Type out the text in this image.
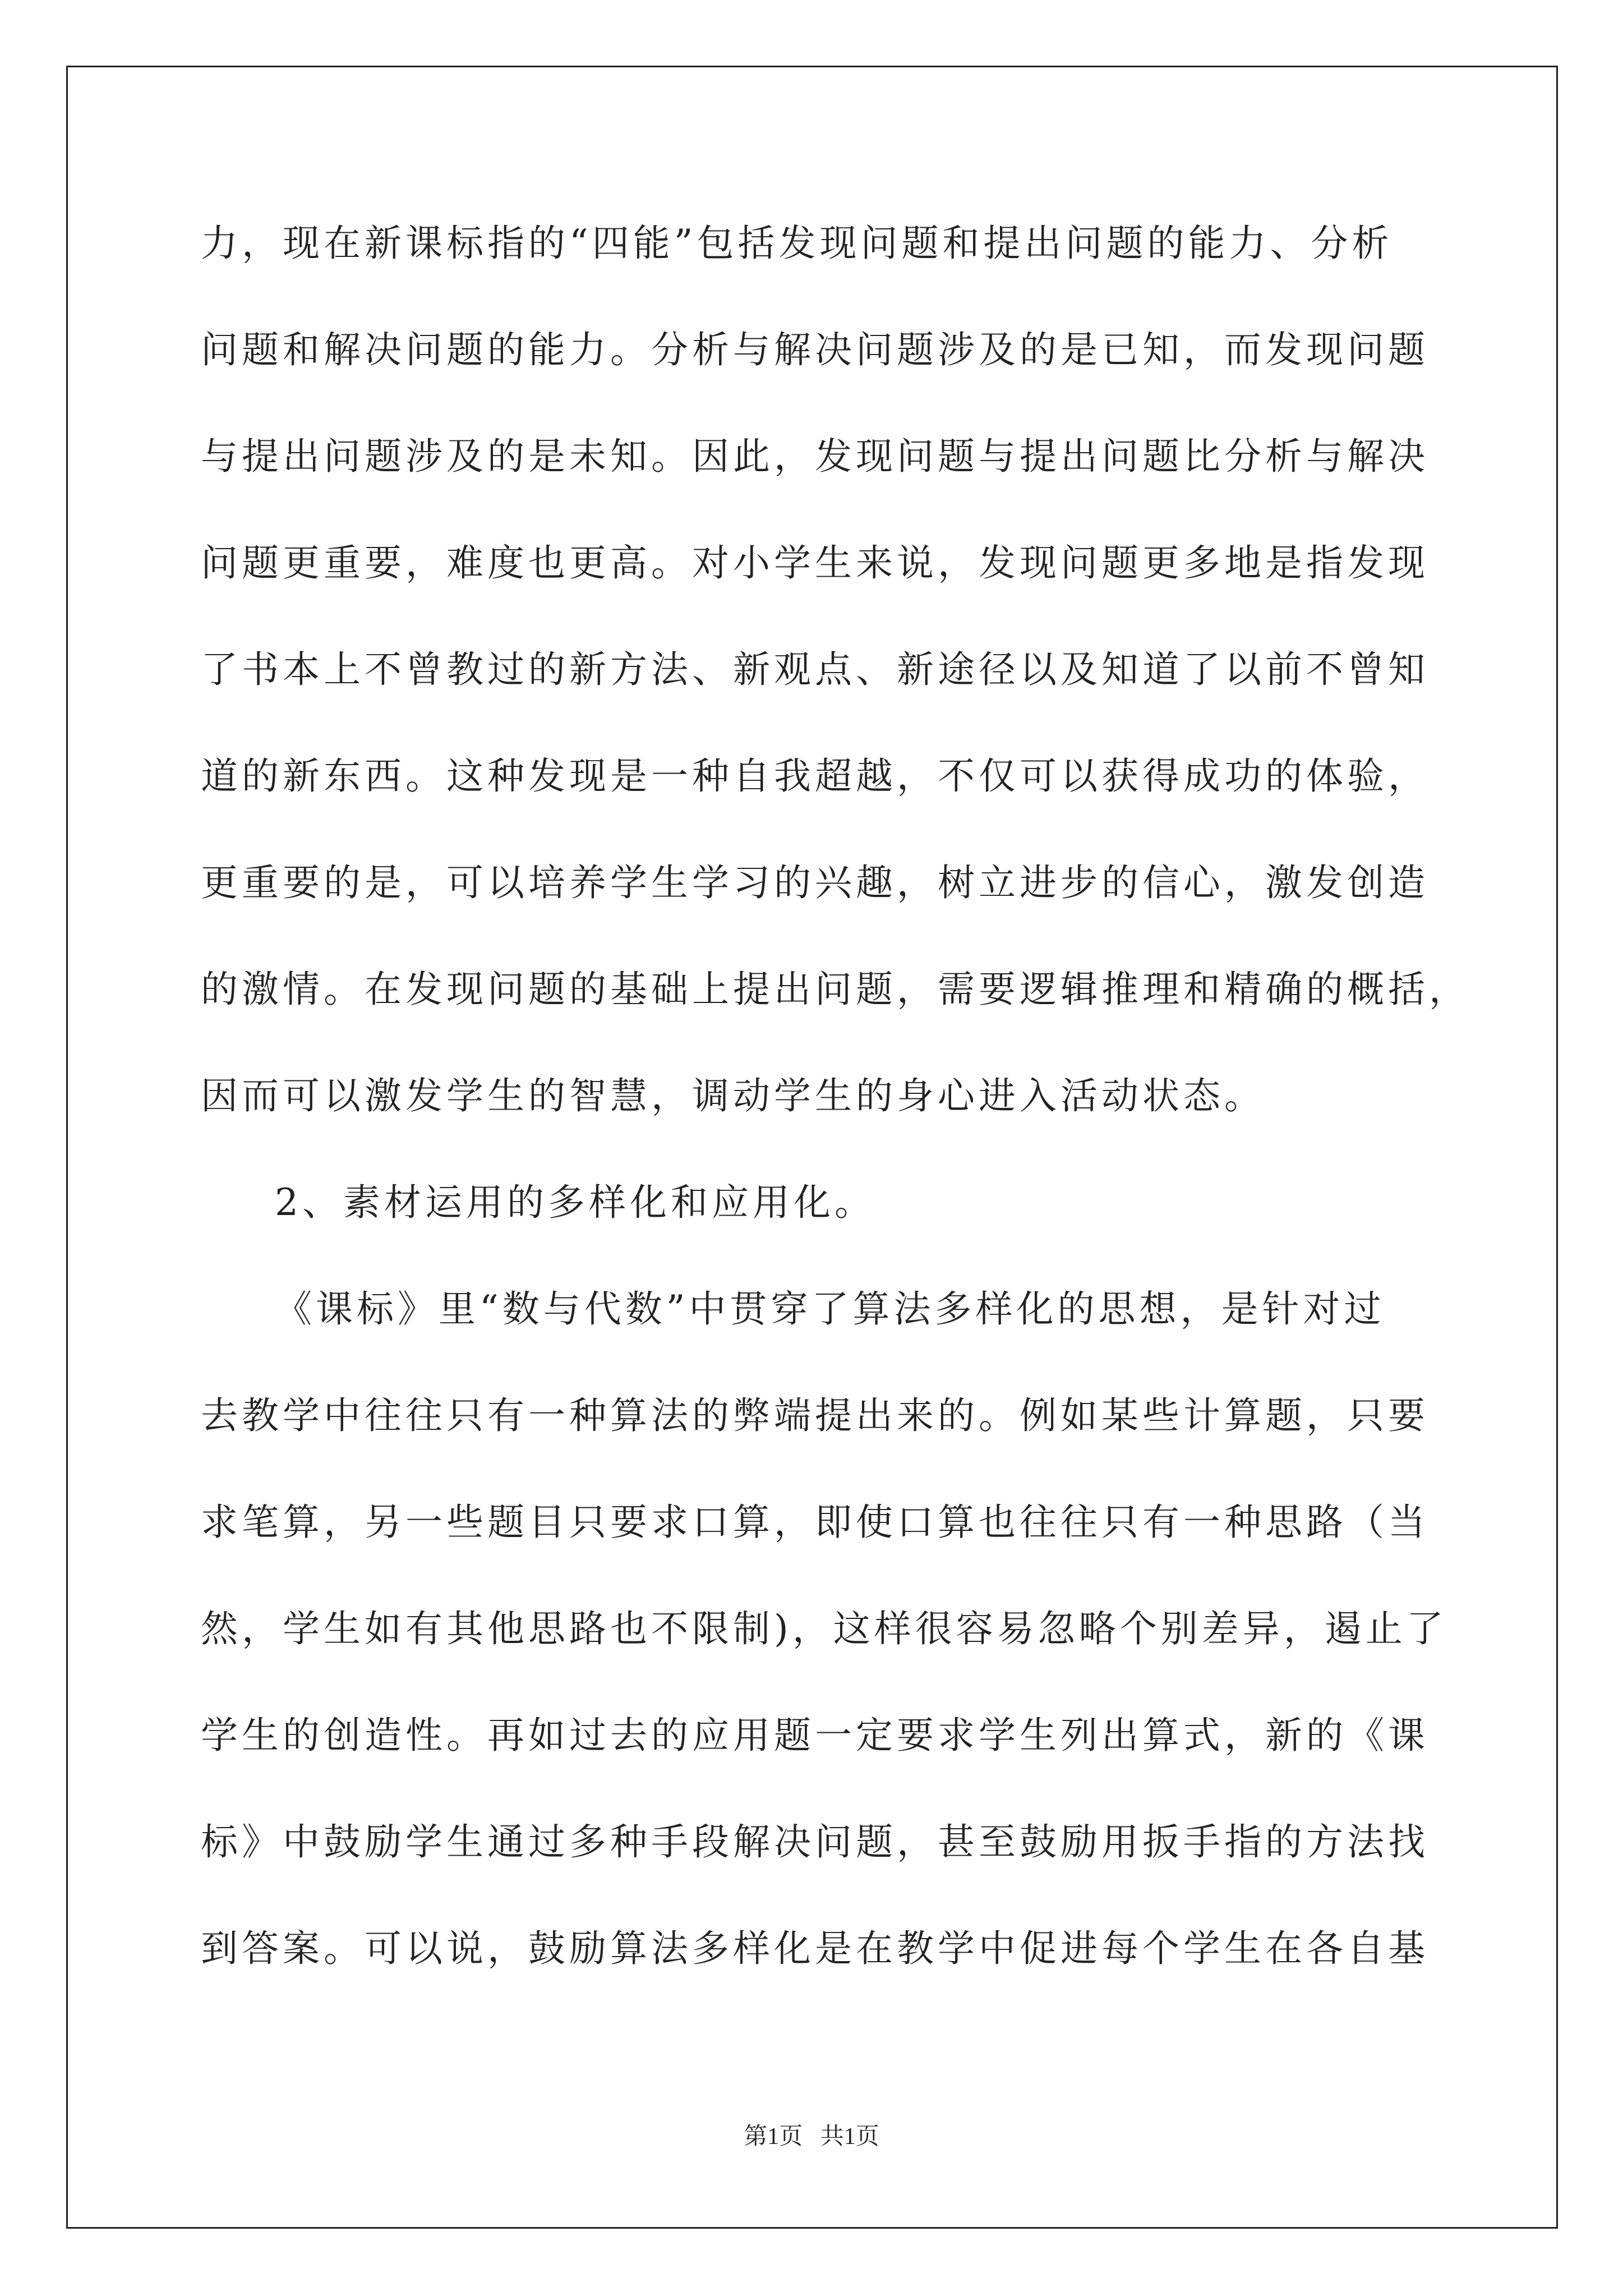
力，现在新课标指的“四能”包括发现问题和提出问题的能力、分析
问题和解决问题的能力。分析与解决问题涉及的是已知，而发现问题
与提出问题涉及的是未知。因此，发现问题与提出问题比分析与解决
问题更重要，难度也更高。对小学生来说，发现问题更多地是指发现
了书本上不曾教过的新方法、新观点、新途径以及知道了以前不曾知
道的新东西。这种发现是一种自我超越，不仅可以获得成功的体验，
更重要的是，可以培养学生学习的兴趣，树立进步的信心，激发创造
的激情。在发现问题的基础上提出问题，需要逻辑推理和精确的概括，
因而可以激发学生的智慧，调动学生的身心进入活动状态。
2、素材运用的多样化和应用化。
《课标》里“数与代数”中贯穿了算法多样化的思想，是针对过
去教学中往往只有一种算法的弊端提出来的。例如某些计算题，只要
求笔算，另一些题目只要求口算，即使口算也往往只有一种思路（当
然，学生如有其他思路也不限制)，这样很容易忽略个别差异，遏止了
学生的创造性。再如过去的应用题一定要求学生列出算式，新的《课
标》中鼓励学生通过多种手段解决问题，甚至鼓励用扳手指的方法找
到答案。可以说，鼓励算法多样化是在教学中促进每个学生在各自基
第1页   共1页
